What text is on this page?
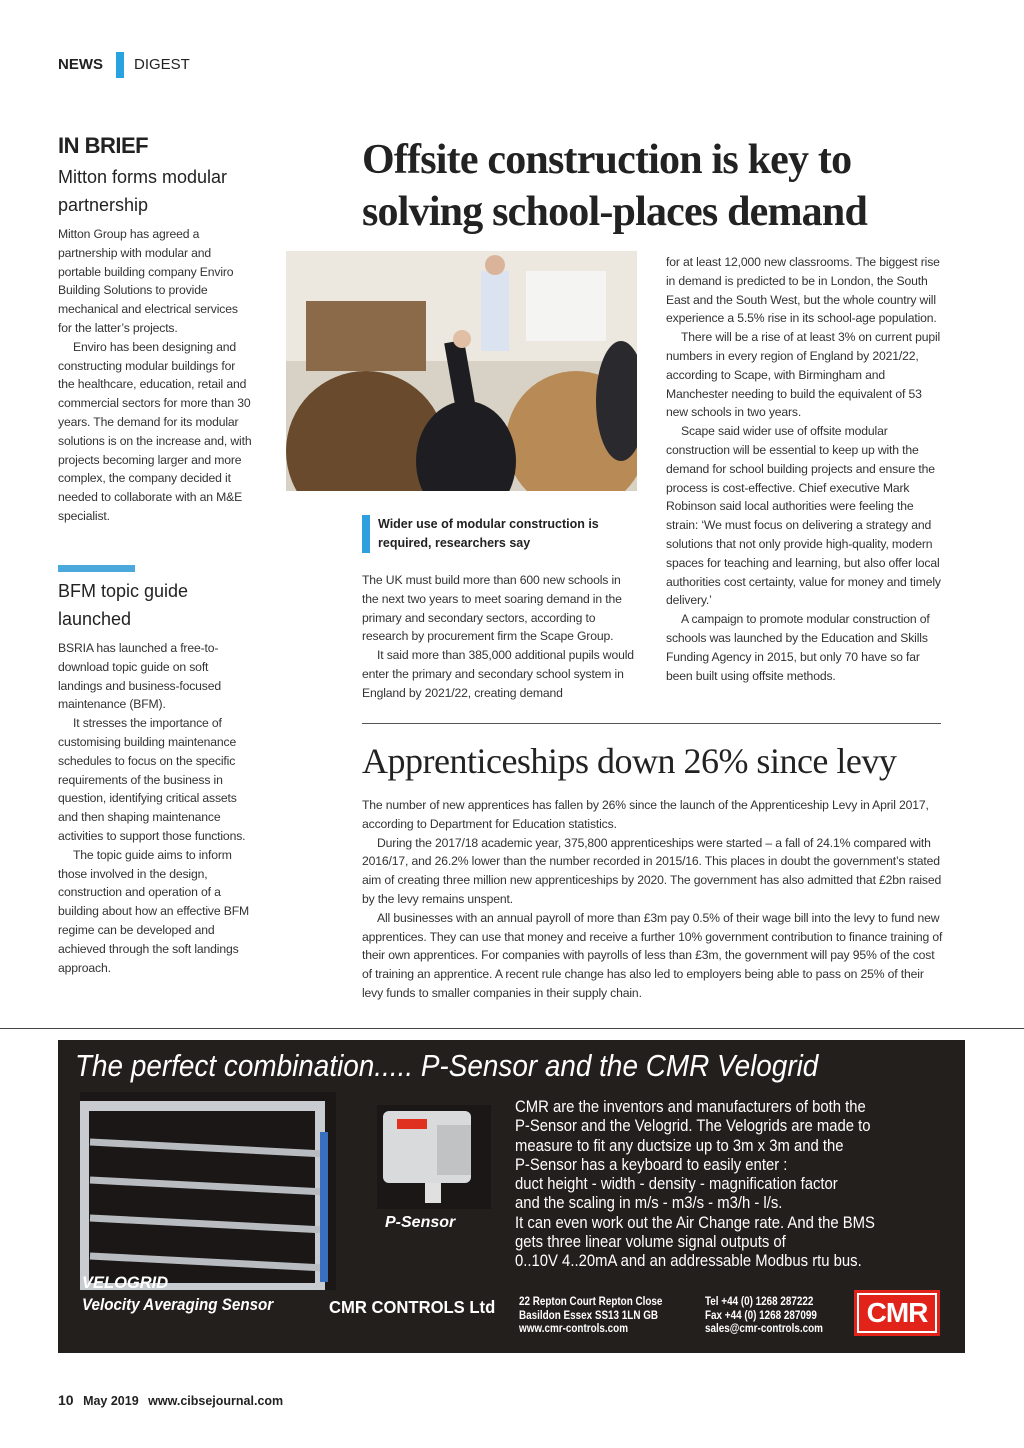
NEWS DIGEST
IN BRIEF
Mitton forms modular partnership

Mitton Group has agreed a partnership with modular and portable building company Enviro Building Solutions to provide mechanical and electrical services for the latter’s projects.

Enviro has been designing and constructing modular buildings for the healthcare, education, retail and commercial sectors for more than 30 years. The demand for its modular solutions is on the increase and, with projects becoming larger and more complex, the company decided it needed to collaborate with an M&E specialist.

BFM topic guide launched

BSRIA has launched a free-to-download topic guide on soft landings and business-focused maintenance (BFM).

It stresses the importance of customising building maintenance schedules to focus on the specific requirements of the business in question, identifying critical assets and then shaping maintenance activities to support those functions.

The topic guide aims to inform those involved in the design, construction and operation of a building about how an effective BFM regime can be developed and achieved through the soft landings approach.

Offsite construction is key to solving school-places demand
Wider use of modular construction is required, researchers say

The UK must build more than 600 new schools in the next two years to meet soaring demand in the primary and secondary sectors, according to research by procurement firm the Scape Group.

It said more than 385,000 additional pupils would enter the primary and secondary school system in England by 2021/22, creating demand

for at least 12,000 new classrooms. The biggest rise in demand is predicted to be in London, the South East and the South West, but the whole country will experience a 5.5% rise in its school-age population.

There will be a rise of at least 3% on current pupil numbers in every region of England by 2021/22, according to Scape, with Birmingham and Manchester needing to build the equivalent of 53 new schools in two years.

Scape said wider use of offsite modular construction will be essential to keep up with the demand for school building projects and ensure the process is cost-effective. Chief executive Mark Robinson said local authorities were feeling the strain: ‘We must focus on delivering a strategy and solutions that not only provide high-quality, modern spaces for teaching and learning, but also offer local authorities cost certainty, value for money and timely delivery.’

A campaign to promote modular construction of schools was launched by the Education and Skills Funding Agency in 2015, but only 70 have so far been built using offsite methods.

Apprenticeships down 26% since levy

The number of new apprentices has fallen by 26% since the launch of the Apprenticeship Levy in April 2017, according to Department for Education statistics.

During the 2017/18 academic year, 375,800 apprenticeships were started – a fall of 24.1% compared with 2016/17, and 26.2% lower than the number recorded in 2015/16. This places in doubt the government’s stated aim of creating three million new apprenticeships by 2020. The government has also admitted that £2bn raised by the levy remains unspent.

All businesses with an annual payroll of more than £3m pay 0.5% of their wage bill into the levy to fund new apprentices. They can use that money and receive a further 10% government contribution to finance training of their own apprentices. For companies with payrolls of less than £3m, the government will pay 95% of the cost of training an apprentice. A recent rule change has also led to employers being able to pass on 25% of their levy funds to smaller companies in their supply chain.

The perfect combination..... P-Sensor and the CMR Velogrid
P-Sensor
CMR are the inventors and manufacturers of both the
P-Sensor and the Velogrid. The Velogrids are made to
measure to fit any ductsize up to 3m x 3m and the
P-Sensor has a keyboard to easily enter :
duct height - width - density - magnification factor
and the scaling in m/s - m3/s - m3/h - l/s.
It can even work out the Air Change rate. And the BMS
gets three linear volume signal outputs of
0..10V 4..20mA and an addressable Modbus rtu bus.
VELOGRID
Velocity Averaging Sensor	CMR CONTROLS Ltd 22 Repton Court Repton Close
Basildon Essex SS13 1LN GB
www.cmr-controls.com
Tel +44 (0) 1268 287222
Fax +44 (0) 1268 287099
sales@cmr-controls.com
CMR
10 May 2019 www.cibsejournal.com
